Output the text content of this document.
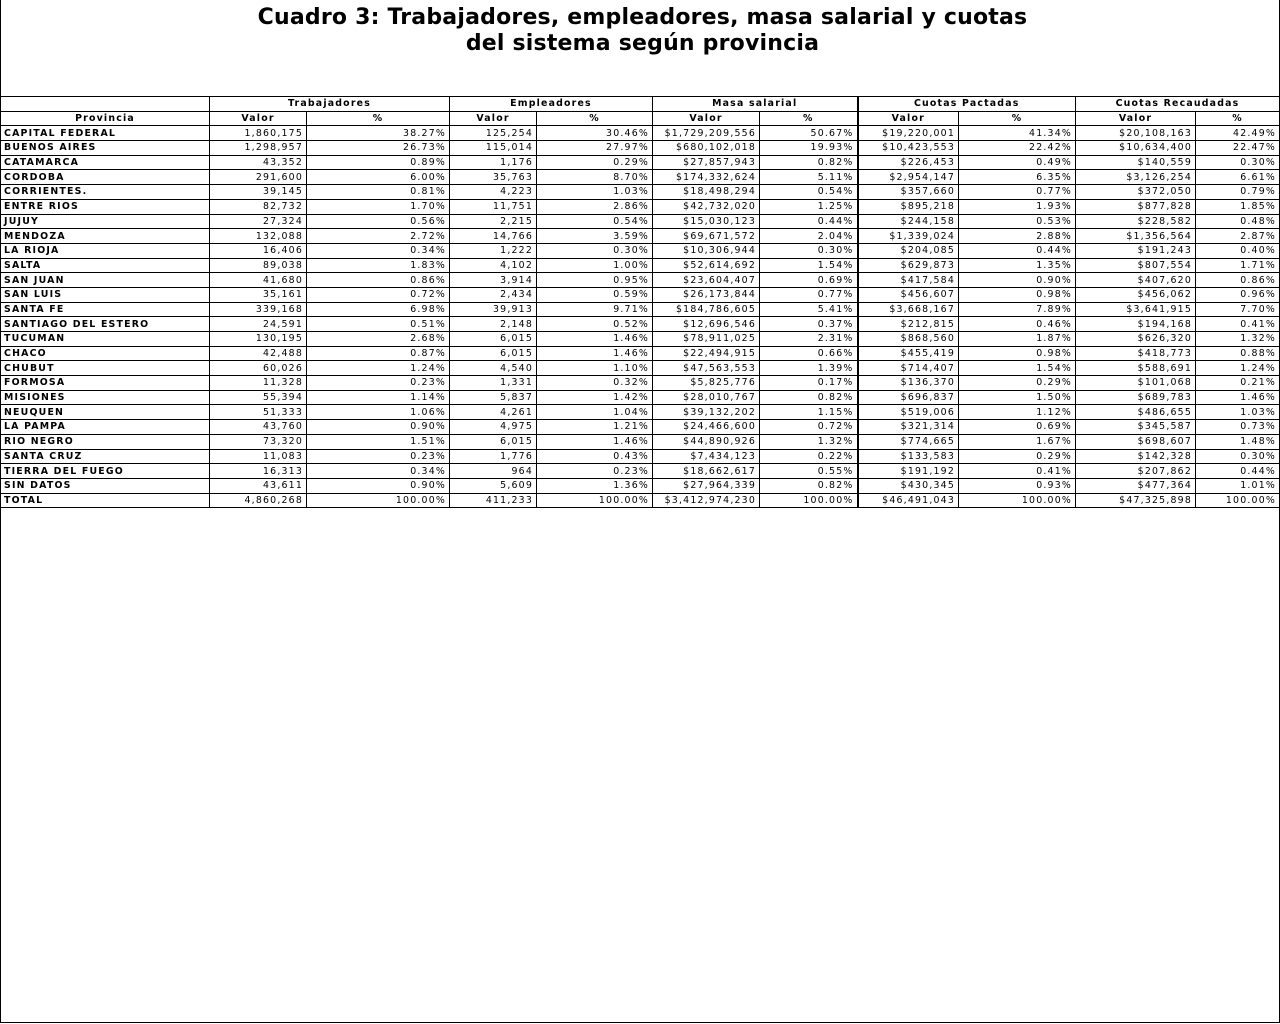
Cuadro 3: Trabajadores, empleadores, masa salarial y cuotas
del sistema según provincia
	Trabajadores		Empleadores		Masa salarial		Cuotas Pactadas		Cuotas Recaudadas	
Provincia	Valor	%	Valor	%	Valor	%	Valor	%	Valor	%
CAPITAL FEDERAL	1,860,175	38.27%	125,254	30.46%	$1,729,209,556	50.67%	$19,220,001	41.34%	$20,108,163	42.49%
BUENOS AIRES	1,298,957	26.73%	115,014	27.97%	$680,102,018	19.93%	$10,423,553	22.42%	$10,634,400	22.47%
CATAMARCA	43,352	0.89%	1,176	0.29%	$27,857,943	0.82%	$226,453	0.49%	$140,559	0.30%
CORDOBA	291,600	6.00%	35,763	8.70%	$174,332,624	5.11%	$2,954,147	6.35%	$3,126,254	6.61%
CORRIENTES.	39,145	0.81%	4,223	1.03%	$18,498,294	0.54%	$357,660	0.77%	$372,050	0.79%
ENTRE RIOS	82,732	1.70%	11,751	2.86%	$42,732,020	1.25%	$895,218	1.93%	$877,828	1.85%
JUJUY	27,324	0.56%	2,215	0.54%	$15,030,123	0.44%	$244,158	0.53%	$228,582	0.48%
MENDOZA	132,088	2.72%	14,766	3.59%	$69,671,572	2.04%	$1,339,024	2.88%	$1,356,564	2.87%
LA RIOJA	16,406	0.34%	1,222	0.30%	$10,306,944	0.30%	$204,085	0.44%	$191,243	0.40%
SALTA	89,038	1.83%	4,102	1.00%	$52,614,692	1.54%	$629,873	1.35%	$807,554	1.71%
SAN JUAN	41,680	0.86%	3,914	0.95%	$23,604,407	0.69%	$417,584	0.90%	$407,620	0.86%
SAN LUIS	35,161	0.72%	2,434	0.59%	$26,173,844	0.77%	$456,607	0.98%	$456,062	0.96%
SANTA FE	339,168	6.98%	39,913	9.71%	$184,786,605	5.41%	$3,668,167	7.89%	$3,641,915	7.70%
SANTIAGO DEL ESTERO	24,591	0.51%	2,148	0.52%	$12,696,546	0.37%	$212,815	0.46%	$194,168	0.41%
TUCUMAN	130,195	2.68%	6,015	1.46%	$78,911,025	2.31%	$868,560	1.87%	$626,320	1.32%
CHACO	42,488	0.87%	6,015	1.46%	$22,494,915	0.66%	$455,419	0.98%	$418,773	0.88%
CHUBUT	60,026	1.24%	4,540	1.10%	$47,563,553	1.39%	$714,407	1.54%	$588,691	1.24%
FORMOSA	11,328	0.23%	1,331	0.32%	$5,825,776	0.17%	$136,370	0.29%	$101,068	0.21%
MISIONES	55,394	1.14%	5,837	1.42%	$28,010,767	0.82%	$696,837	1.50%	$689,783	1.46%
NEUQUEN	51,333	1.06%	4,261	1.04%	$39,132,202	1.15%	$519,006	1.12%	$486,655	1.03%
LA PAMPA	43,760	0.90%	4,975	1.21%	$24,466,600	0.72%	$321,314	0.69%	$345,587	0.73%
RIO NEGRO	73,320	1.51%	6,015	1.46%	$44,890,926	1.32%	$774,665	1.67%	$698,607	1.48%
SANTA CRUZ	11,083	0.23%	1,776	0.43%	$7,434,123	0.22%	$133,583	0.29%	$142,328	0.30%
TIERRA DEL FUEGO	16,313	0.34%	964	0.23%	$18,662,617	0.55%	$191,192	0.41%	$207,862	0.44%
SIN DATOS	43,611	0.90%	5,609	1.36%	$27,964,339	0.82%	$430,345	0.93%	$477,364	1.01%
TOTAL	4,860,268	100.00%	411,233	100.00%	$3,412,974,230	100.00%	$46,491,043	100.00%	$47,325,898	100.00%
